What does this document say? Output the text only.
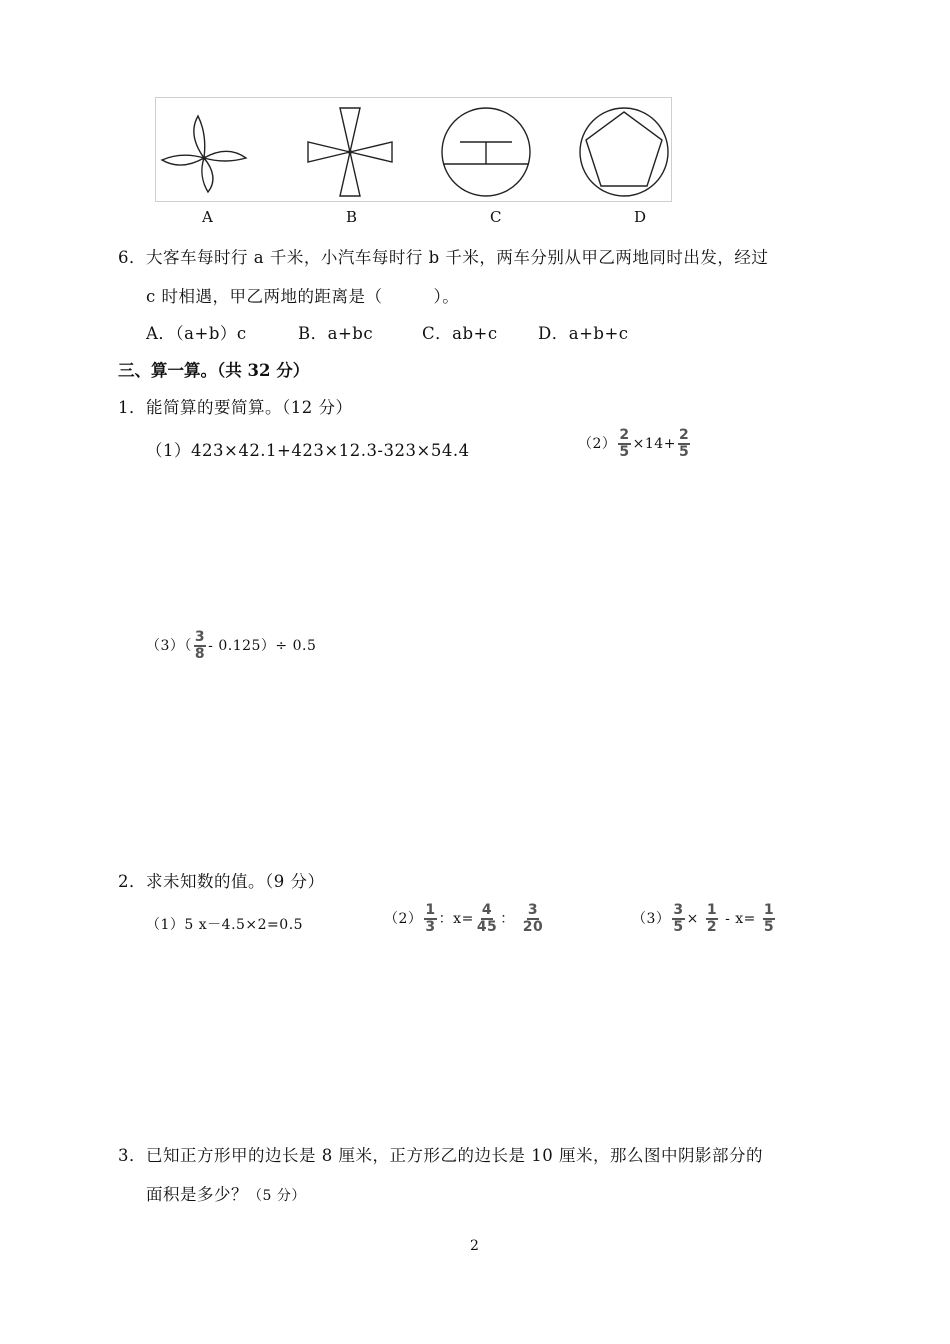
A	B	C	D
6．大客车每时行 a 千米，小汽车每时行 b 千米，两车分别从甲乙两地同时出发，经过
c 时相遇，甲乙两地的距离是（　　　）。
A．（a+b）c	B．a+bc	C．ab+c D．a+b+c
三、算一算。（共 32 分）
1．能简算的要简算。（12 分）
（1）423×42.1+423×12.3-323×54.4	$(2) \frac{2}{5} \times 14+ \frac{2}{5}$
$(3)( \frac{3}{8} - 0.125)\div 0.5$
2．求未知数的值。（9 分）
（1）5 x－4.5×2=0.5	$(2) \frac{1}{3}$ ：$x= \frac{4}{45}$ ： $\frac{3}{20}$	$(3) \frac{3}{5} \times \frac{1}{2} - x= \frac{1}{5}$
3．已知正方形甲的边长是 8 厘米，正方形乙的边长是 10 厘米，那么图中阴影部分的
面积是多少？（5 分）
2
